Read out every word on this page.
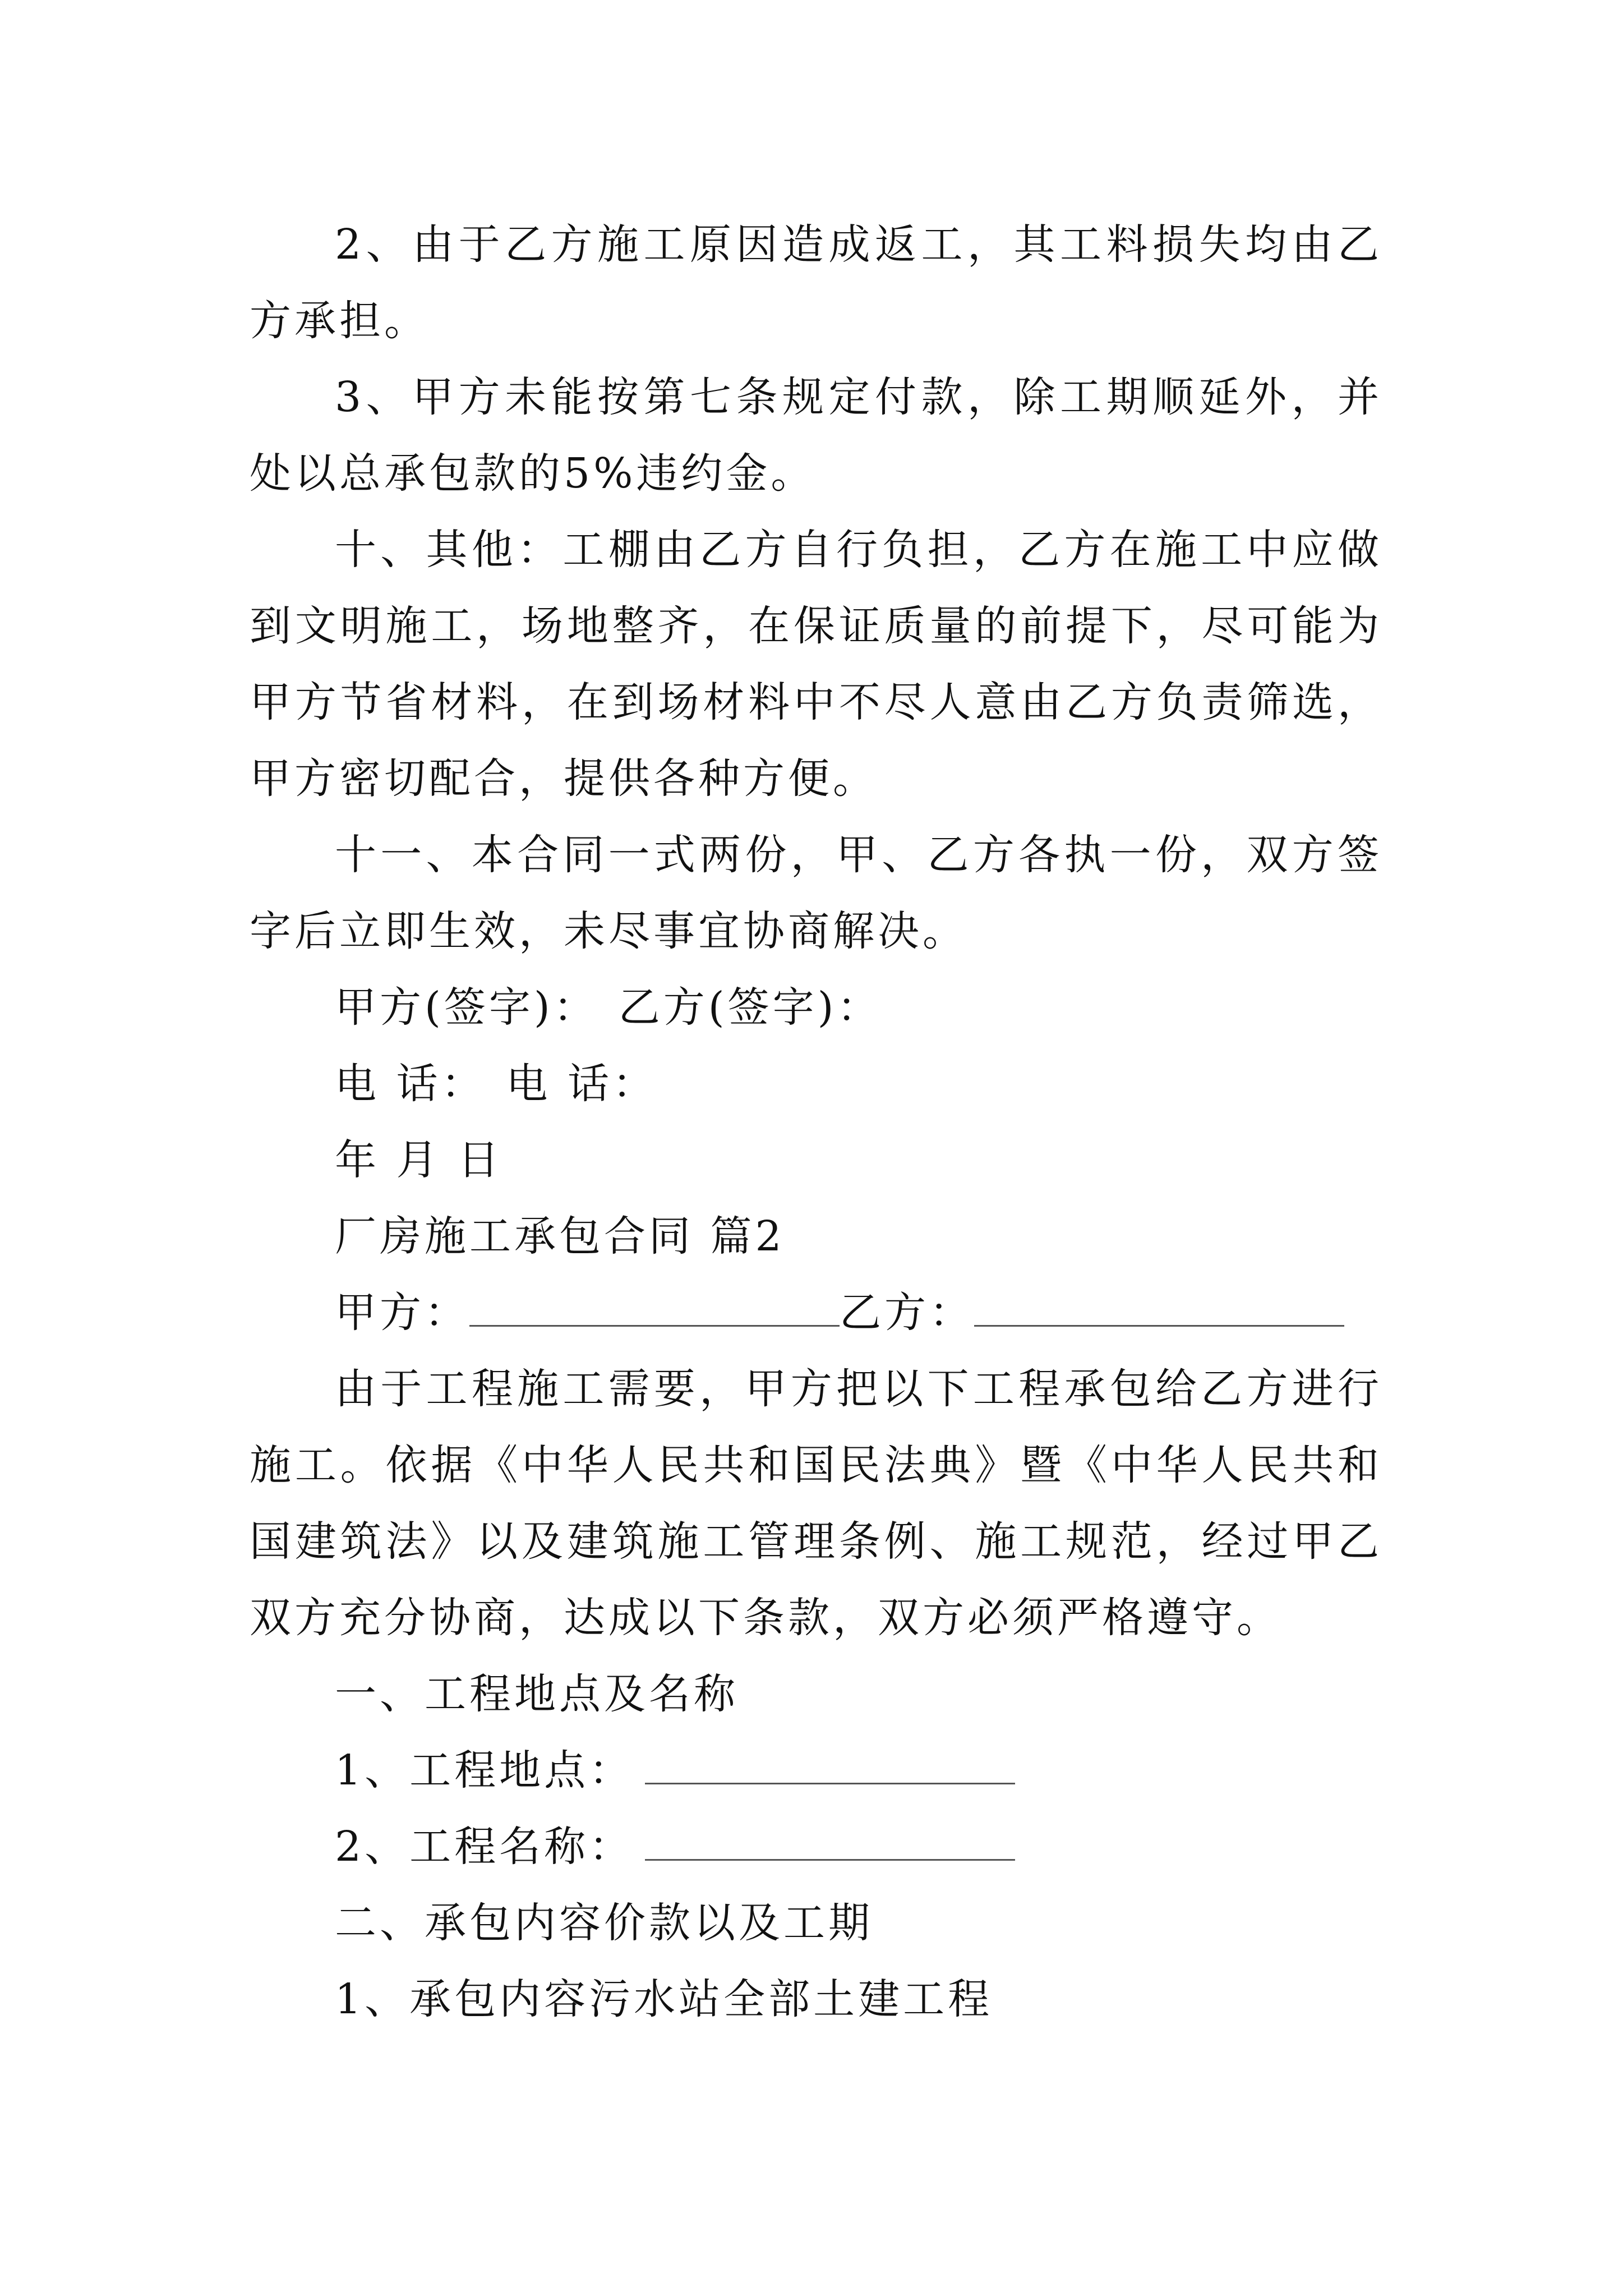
2、由于乙方施工原因造成返工，其工料损失均由乙方承担。

3、甲方未能按第七条规定付款，除工期顺延外，并处以总承包款的5%违约金。

十、其他：工棚由乙方自行负担，乙方在施工中应做到文明施工，场地整齐，在保证质量的前提下，尽可能为甲方节省材料，在到场材料中不尽人意由乙方负责筛选，甲方密切配合，提供各种方便。

十一、本合同一式两份，甲、乙方各执一份，双方签字后立即生效，未尽事宜协商解决。

甲方(签字)： 乙方(签字)：

电 话： 电 话：

年 月 日

厂房施工承包合同 篇2

甲方：	乙方：

由于工程施工需要，甲方把以下工程承包给乙方进行施工。依据《中华人民共和国民法典》暨《中华人民共和国建筑法》以及建筑施工管理条例、施工规范，经过甲乙双方充分协商，达成以下条款，双方必须严格遵守。

一、工程地点及名称

1、工程地点：

2、工程名称：

二、承包内容价款以及工期

1、承包内容污水站全部土建工程
